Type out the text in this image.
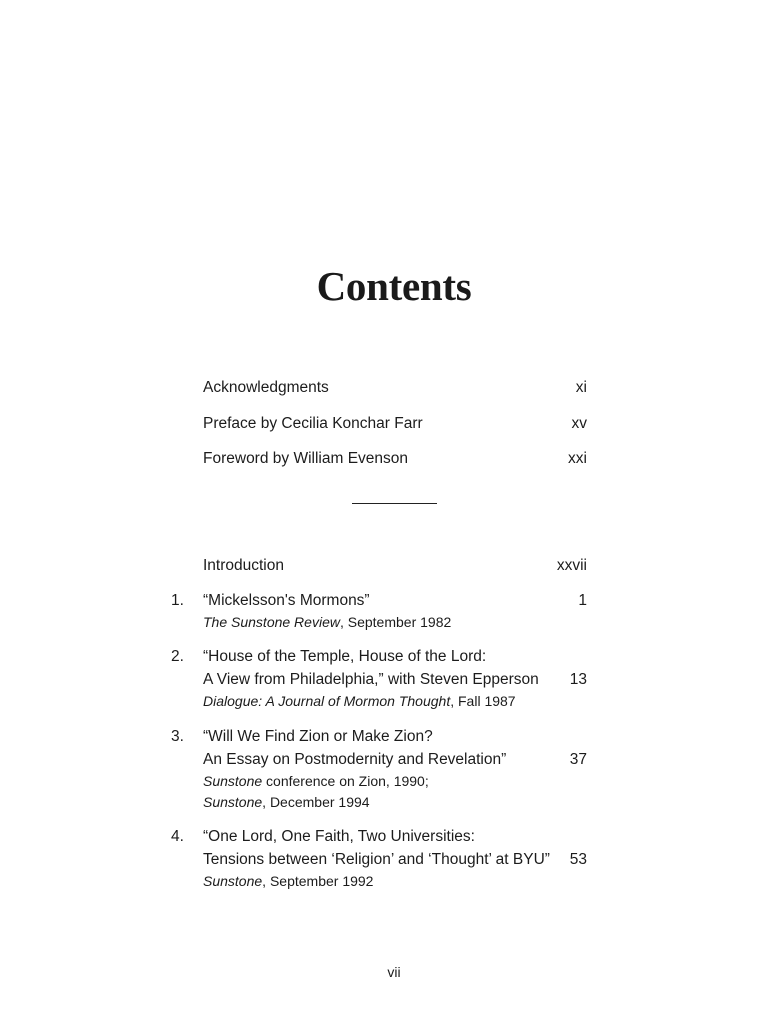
Contents
Acknowledgments	xi
Preface by Cecilia Konchar Farr	xv
Foreword by William Evenson	xxi
Introduction	xxvii
1. “Mickelsson's Mormons”	1
The Sunstone Review, September 1982
2. “House of the Temple, House of the Lord:
A View from Philadelphia,” with Steven Epperson 13
Dialogue: A Journal of Mormon Thought, Fall 1987
3. “Will We Find Zion or Make Zion?
An Essay on Postmodernity and Revelation”	37
Sunstone conference on Zion, 1990;
Sunstone, December 1994
4. “One Lord, One Faith, Two Universities:
Tensions between ‘Religion’ and ‘Thought’ at BYU” 53
Sunstone, September 1992
vii
